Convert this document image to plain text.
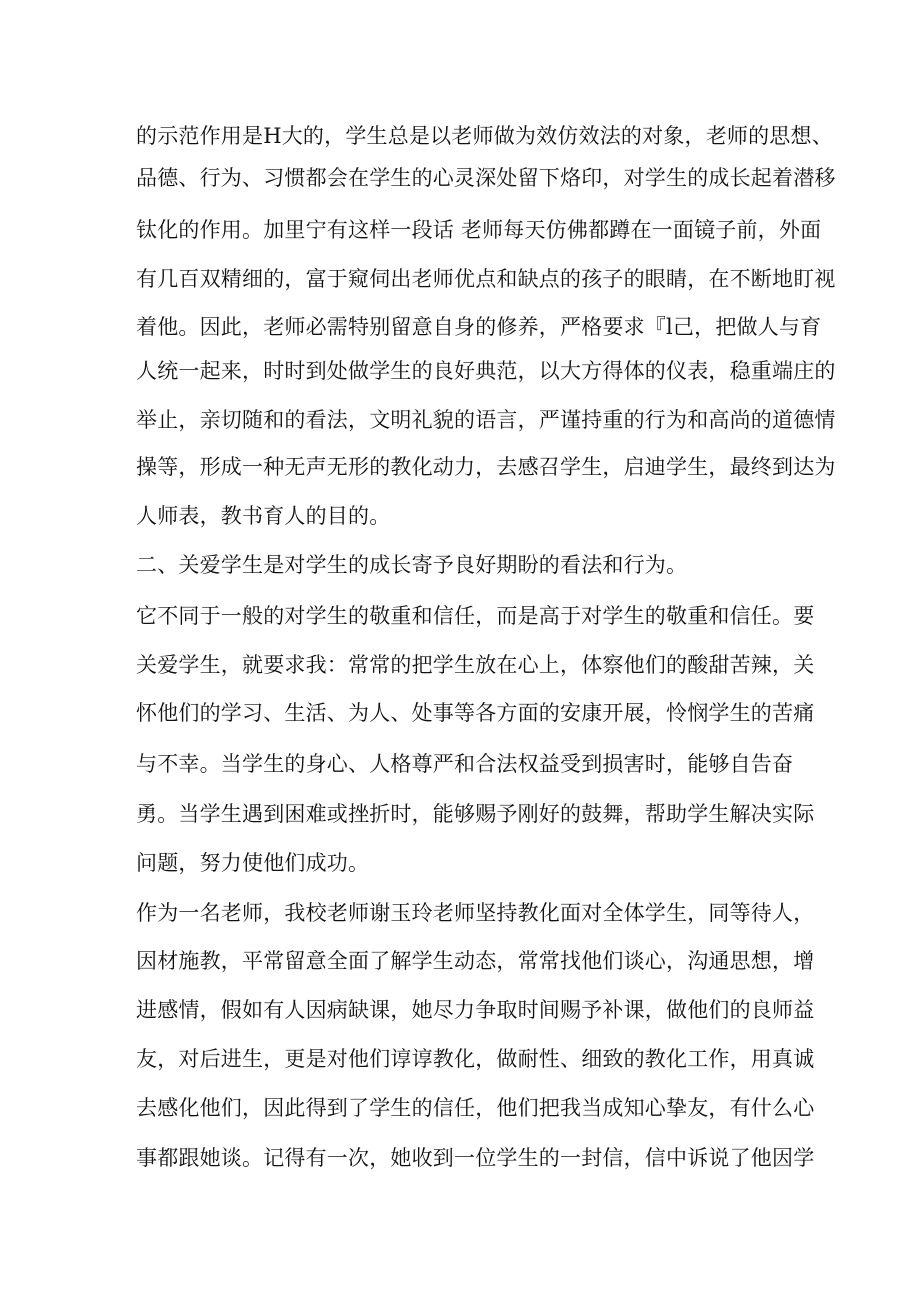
的示范作用是H大的，学生总是以老师做为效仿效法的对象，老师的思想、
品德、行为、习惯都会在学生的心灵深处留下烙印，对学生的成长起着潜移
钛化的作用。加里宁有这样一段话 老师每天仿佛都蹲在一面镜子前，外面
有几百双精细的，富于窥伺出老师优点和缺点的孩子的眼睛，在不断地盯视
着他。因此，老师必需特别留意自身的修养，严格要求『l己，把做人与育
人统一起来，时时到处做学生的良好典范，以大方得体的仪表，稳重端庄的
举止，亲切随和的看法，文明礼貌的语言，严谨持重的行为和高尚的道德情
操等，形成一种无声无形的教化动力，去感召学生，启迪学生，最终到达为
人师表，教书育人的目的。
二、关爱学生是对学生的成长寄予良好期盼的看法和行为。
它不同于一般的对学生的敬重和信任，而是高于对学生的敬重和信任。要
关爱学生，就要求我：常常的把学生放在心上，体察他们的酸甜苦辣，关
怀他们的学习、生活、为人、处事等各方面的安康开展，怜悯学生的苦痛
与不幸。当学生的身心、人格尊严和合法权益受到损害时，能够自告奋
勇。当学生遇到困难或挫折时，能够赐予刚好的鼓舞，帮助学生解决实际
问题，努力使他们成功。
作为一名老师，我校老师谢玉玲老师坚持教化面对全体学生，同等待人，
因材施教，平常留意全面了解学生动态，常常找他们谈心，沟通思想，增
进感情，假如有人因病缺课，她尽力争取时间赐予补课，做他们的良师益
友，对后进生，更是对他们谆谆教化，做耐性、细致的教化工作，用真诚
去感化他们，因此得到了学生的信任，他们把我当成知心挚友，有什么心
事都跟她谈。记得有一次，她收到一位学生的一封信，信中诉说了他因学
